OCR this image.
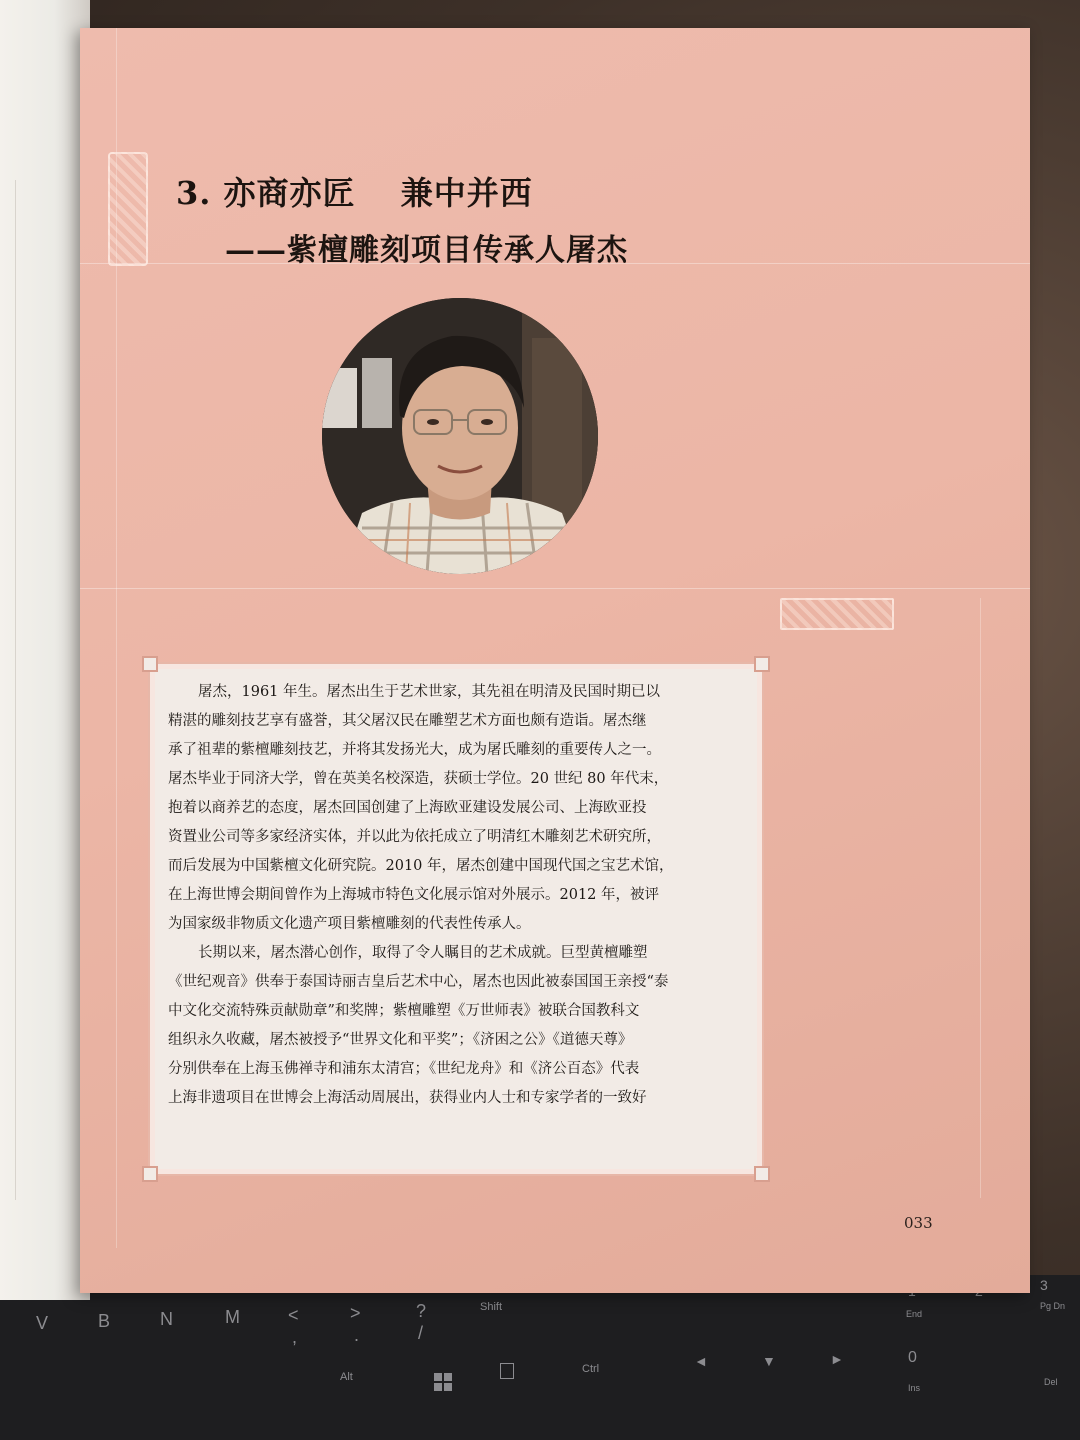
V	B	N	M	<
,
>
.
?
/
Shift
Alt
Ctrl	◄	▼	►
End
3
Pg Dn
0
Ins
Del
3. 亦商亦匠　 兼中并西
——紫檀雕刻项目传承人屠杰
屠杰，1961 年生。屠杰出生于艺术世家，其先祖在明清及民国时期已以
精湛的雕刻技艺享有盛誉，其父屠汉民在雕塑艺术方面也颇有造诣。屠杰继
承了祖辈的紫檀雕刻技艺，并将其发扬光大，成为屠氏雕刻的重要传人之一。
屠杰毕业于同济大学，曾在英美名校深造，获硕士学位。20 世纪 80 年代末，
抱着以商养艺的态度，屠杰回国创建了上海欧亚建设发展公司、上海欧亚投
资置业公司等多家经济实体，并以此为依托成立了明清红木雕刻艺术研究所，
而后发展为中国紫檀文化研究院。2010 年，屠杰创建中国现代国之宝艺术馆，
在上海世博会期间曾作为上海城市特色文化展示馆对外展示。2012 年，被评
为国家级非物质文化遗产项目紫檀雕刻的代表性传承人。
长期以来，屠杰潜心创作，取得了令人瞩目的艺术成就。巨型黄檀雕塑
《世纪观音》供奉于泰国诗丽吉皇后艺术中心，屠杰也因此被泰国国王亲授“泰
中文化交流特殊贡献勋章”和奖牌；紫檀雕塑《万世师表》被联合国教科文
组织永久收藏，屠杰被授予“世界文化和平奖”；《济困之公》《道德天尊》
分别供奉在上海玉佛禅寺和浦东太清宫；《世纪龙舟》和《济公百态》代表
上海非遗项目在世博会上海活动周展出，获得业内人士和专家学者的一致好
033
